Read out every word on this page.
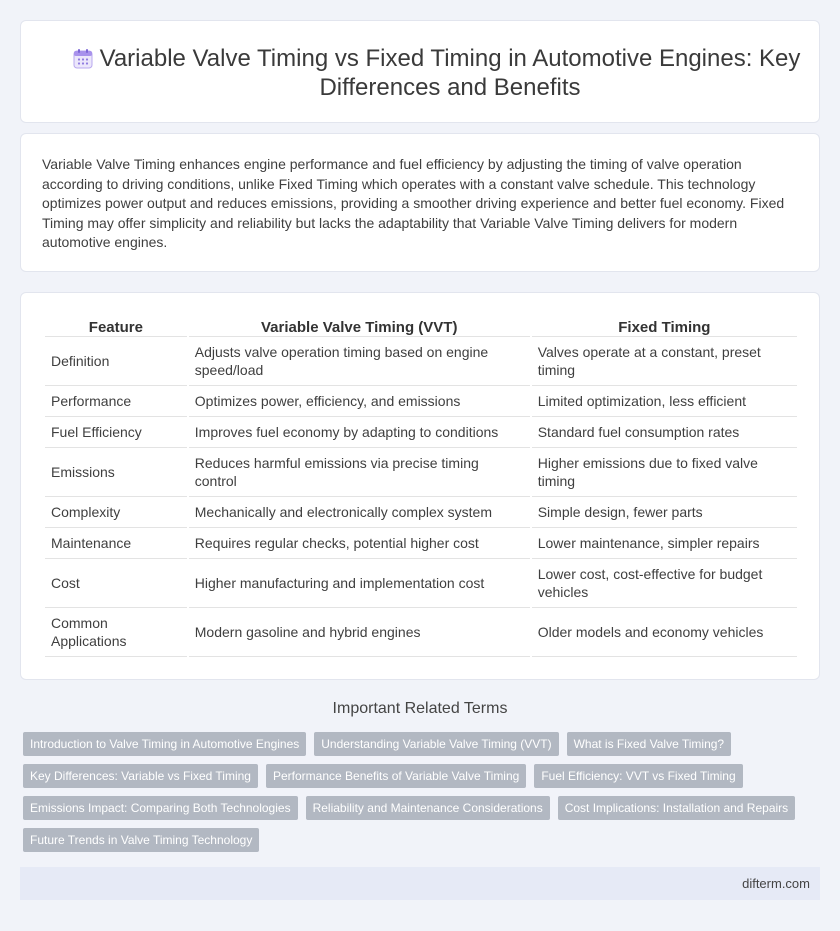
Variable Valve Timing vs Fixed Timing in Automotive Engines: Key Differences and Benefits

Variable Valve Timing enhances engine performance and fuel efficiency by adjusting the timing of valve operation according to driving conditions, unlike Fixed Timing which operates with a constant valve schedule. This technology optimizes power output and reduces emissions, providing a smoother driving experience and better fuel economy. Fixed Timing may offer simplicity and reliability but lacks the adaptability that Variable Valve Timing delivers for modern automotive engines.

Feature	Variable Valve Timing (VVT)	Fixed Timing
Definition	Adjusts valve operation timing based on engine speed/load	Valves operate at a constant, preset timing
Performance	Optimizes power, efficiency, and emissions	Limited optimization, less efficient
Fuel Efficiency	Improves fuel economy by adapting to conditions	Standard fuel consumption rates
Emissions	Reduces harmful emissions via precise timing control	Higher emissions due to fixed valve timing
Complexity	Mechanically and electronically complex system	Simple design, fewer parts
Maintenance	Requires regular checks, potential higher cost	Lower maintenance, simpler repairs
Cost	Higher manufacturing and implementation cost	Lower cost, cost-effective for budget vehicles
Common Applications	Modern gasoline and hybrid engines	Older models and economy vehicles
Important Related Terms
Introduction to Valve Timing in Automotive Engines	Understanding Variable Valve Timing (VVT)	What is Fixed Valve Timing?
Key Differences: Variable vs Fixed Timing	Performance Benefits of Variable Valve Timing	Fuel Efficiency: VVT vs Fixed Timing
Emissions Impact: Comparing Both Technologies	Reliability and Maintenance Considerations	Cost Implications: Installation and Repairs
Future Trends in Valve Timing Technology
difterm.com
